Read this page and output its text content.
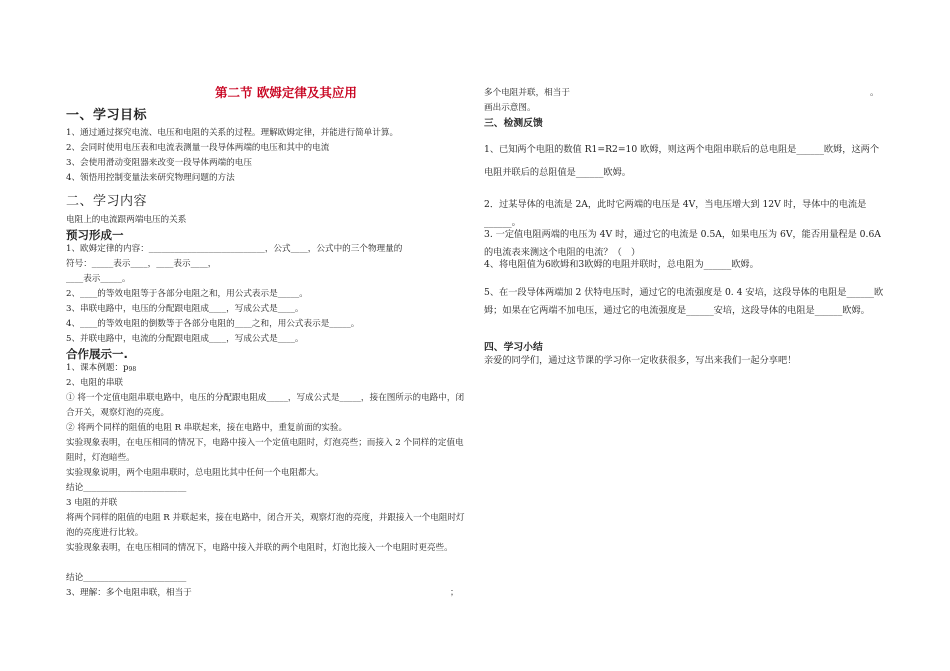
第二节 欧姆定律及其应用
一、学习目标
1、通过通过探究电流、电压和电阻的关系的过程。理解欧姆定律，并能进行简单计算。
2、会同时使用电压表和电流表测量一段导体两端的电压和其中的电流
3、会使用滑动变阻器来改变一段导体两端的电压
4、领悟用控制变量法来研究物理问题的方法
二、学习内容
电阻上的电流跟两端电压的关系
预习形成一
1、欧姆定律的内容：___________________________，公式____，公式中的三个物理量的
符号：_____表示____，____表示____，
____表示_____。
2、____的等效电阻等于各部分电阻之和，用公式表示是_____。
3、串联电路中，电压的分配跟电阻成____，写成公式是____。
4、____的等效电阻的倒数等于各部分电阻的____之和，用公式表示是_____。
5、并联电路中，电流的分配跟电阻成____，写成公式是____。
合作展示一.
1、课本例题：p98
2、电阻的串联
① 将一个定值电阻串联电路中，电压的分配跟电阻成_____，写成公式是_____，接在图所示的电路中，闭合开关，观察灯泡的亮度。
② 将两个同样的阻值的电阻 R 串联起来，接在电路中，重复前面的实验。
实验现象表明，在电压相同的情况下，电路中接入一个定值电阻时，灯泡亮些；而接入 2 个同样的定值电阻时，灯泡暗些。
实验现象说明，两个电阻串联时，总电阻比其中任何一个电阻都大。
结论________________________
3 电阻的并联
将两个同样的阻值的电阻 R 并联起来，接在电路中，闭合开关，观察灯泡的亮度，并跟接入一个电阻时灯泡的亮度进行比较。
实验现象表明，在电压相同的情况下，电路中接入并联的两个电阻时，灯泡比接入一个电阻时更亮些。
结论________________________
3、理解：多个电阻串联，相当于	；
多个电阻并联，相当于	。
画出示意图。
三、检测反馈
1、已知两个电阻的数值 R1=R2=10 欧姆，则这两个电阻串联后的总电阻是______欧姆，这两个电阻并联后的总阻值是______欧姆。
2．过某导体的电流是 2A，此时它两端的电压是 4V，当电压增大到 12V 时，导体中的电流是______。
3. 一定值电阻两端的电压为 4V 时，通过它的电流是 0.5A，如果电压为 6V，能否用量程是 0.6A 的电流表来测这个电阻的电流？（　）
4、将电阻值为6欧姆和3欧姆的电阻并联时，总电阻为______欧姆。
5、在一段导体两端加 2 伏特电压时，通过它的电流强度是 0. 4 安培，这段导体的电阻是______欧姆；如果在它两端不加电压，通过它的电流强度是______安培，这段导体的电阻是______欧姆。
四、学习小结
亲爱的同学们，通过这节课的学习你一定收获很多，写出来我们一起分享吧！
